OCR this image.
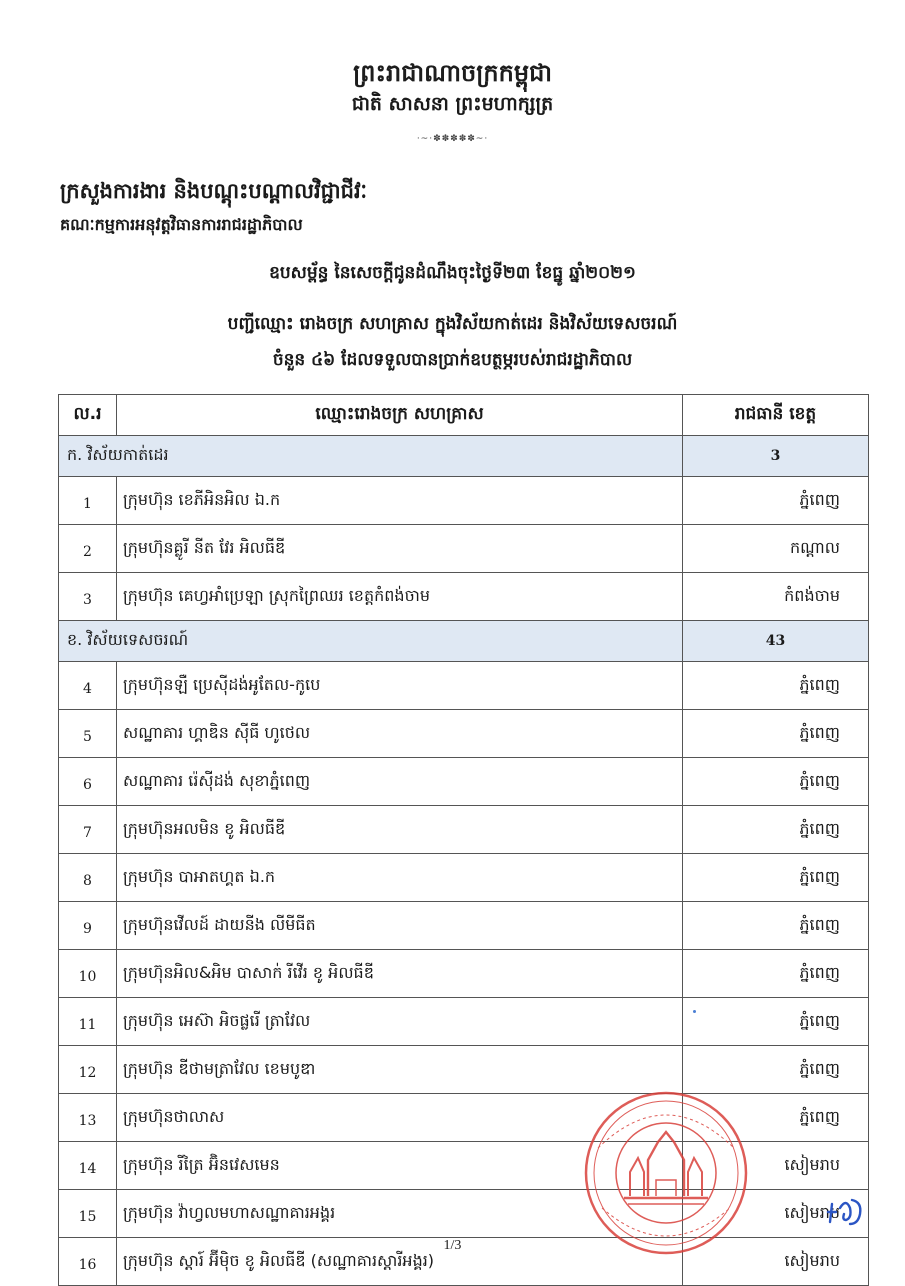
ព្រះរាជាណាចក្រកម្ពុជា
ជាតិ សាសនា ព្រះមហាក្សត្រ
·~·✽✽✽✽✽~·
ក្រសួងការងារ និងបណ្ដុះបណ្ដាលវិជ្ជាជីវៈ
គណៈកម្មការអនុវត្តវិធានការរាជរដ្ឋាភិបាល
ឧបសម្ព័ន្ធ នៃសេចក្ដីជូនដំណឹងចុះថ្ងៃទី២៣ ខែធ្នូ ឆ្នាំ២០២១
បញ្ជីឈ្មោះ រោងចក្រ សហគ្រាស ក្នុងវិស័យកាត់ដេរ និងវិស័យទេសចរណ៍
ចំនួន ៤៦ ដែលទទួលបានប្រាក់ឧបត្ថម្ភរបស់រាជរដ្ឋាភិបាល
ល.រ	ឈ្មោះរោងចក្រ សហគ្រាស	រាជធានី ខេត្ត
ក. វិស័យកាត់ដេរ		3
1	ក្រុមហ៊ុន ខេភីអិនអិល ឯ.ក	ភ្នំពេញ
2	ក្រុមហ៊ុនគ្លូរី នីត វែរ អិលធីឌី	កណ្ដាល
3	ក្រុមហ៊ុន គេហ្វអាំប្រេឡា ស្រុកព្រៃឈរ ខេត្តកំពង់ចាម	កំពង់ចាម
ខ. វិស័យទេសចរណ៍		43
4	ក្រុមហ៊ុនឡឺ ប្រេស៊ីដង់អូតែល-កូបេ	ភ្នំពេញ
5	សណ្ឋាគារ ហ្គាឌិន ស៊ីធី ហូថេល	ភ្នំពេញ
6	សណ្ឋាគារ រ៉េស៊ីដង់ សុខាភ្នំពេញ	ភ្នំពេញ
7	ក្រុមហ៊ុនអលមិន ខូ អិលធីឌី	ភ្នំពេញ
8	ក្រុមហ៊ុន បាអាតហ្គត ឯ.ក	ភ្នំពេញ
9	ក្រុមហ៊ុនវើលដ៍ ដាយនីង លីមីធីត	ភ្នំពេញ
10	ក្រុមហ៊ុនអិល&អិម បាសាក់ រីវើរ ខូ អិលធីឌី	ភ្នំពេញ
11	ក្រុមហ៊ុន អេស៊ា អិចផ្លរើ ត្រាវែល	ភ្នំពេញ
12	ក្រុមហ៊ុន ឌីថាមត្រាវែល ខេមបូឌា	ភ្នំពេញ
13	ក្រុមហ៊ុនថាលាស	ភ្នំពេញ
14	ក្រុមហ៊ុន រីត្រៃ អ៊ិនវេសមេន	សៀមរាប
15	ក្រុមហ៊ុន វ៉ាហ្វលមហាសណ្ឋាគារអង្គរ	សៀមរាប
16	ក្រុមហ៊ុន ស្ដារ៍ អ៊ីម៉ិច ខូ អិលធីឌី (សណ្ឋាគារស្ដារីអង្គរ)	សៀមរាប
1/3
